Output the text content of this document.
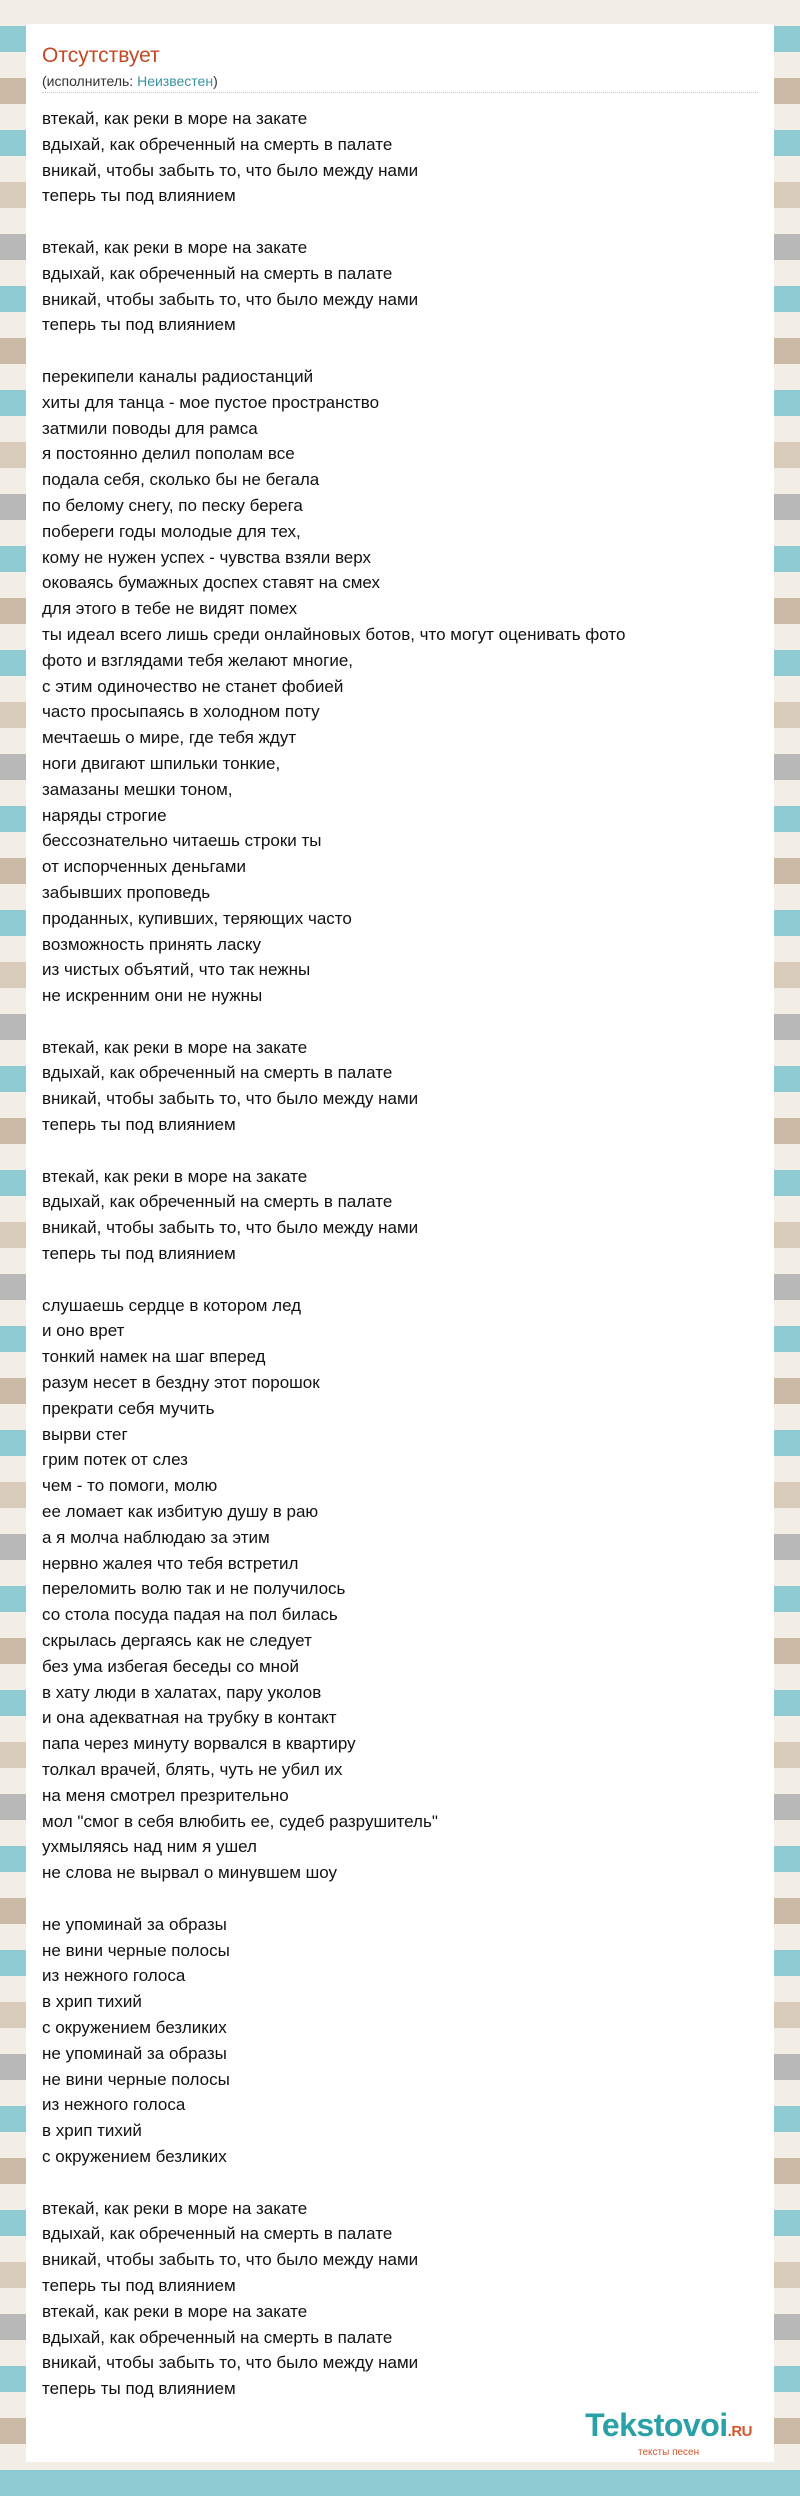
Отсутствует
(исполнитель: Неизвестен)
втекай, как реки в море на закате
вдыхай, как обреченный на смерть в палате
вникай, чтобы забыть то, что было между нами
теперь ты под влиянием
втекай, как реки в море на закате
вдыхай, как обреченный на смерть в палате
вникай, чтобы забыть то, что было между нами
теперь ты под влиянием
перекипели каналы радиостанций
хиты для танца - мое пустое пространство
затмили поводы для рамса
я постоянно делил пополам все
подала себя, сколько бы не бегала
по белому снегу, по песку берега
побереги годы молодые для тех,
кому не нужен успех - чувства взяли верх
оковаясь бумажных доспех ставят на смех
для этого в тебе не видят помех
ты идеал всего лишь среди онлайновых ботов, что могут оценивать фото
фото и взглядами тебя желают многие,
с этим одиночество не станет фобией
часто просыпаясь в холодном поту
мечтаешь о мире, где тебя ждут
ноги двигают шпильки тонкие,
замазаны мешки тоном,
наряды строгие
бессознательно читаешь строки ты
от испорченных деньгами
забывших проповедь
проданных, купивших, теряющих часто
возможность принять ласку
из чистых объятий, что так нежны
не искренним они не нужны
втекай, как реки в море на закате
вдыхай, как обреченный на смерть в палате
вникай, чтобы забыть то, что было между нами
теперь ты под влиянием
втекай, как реки в море на закате
вдыхай, как обреченный на смерть в палате
вникай, чтобы забыть то, что было между нами
теперь ты под влиянием
слушаешь сердце в котором лед
и оно врет
тонкий намек на шаг вперед
разум несет в бездну этот порошок
прекрати себя мучить
вырви стег
грим потек от слез
чем - то помоги, молю
ее ломает как избитую душу в раю
а я молча наблюдаю за этим
нервно жалея что тебя встретил
переломить волю так и не получилось
со стола посуда падая на пол билась
скрылась дергаясь как не следует
без ума избегая беседы со мной
в хату люди в халатах, пару уколов
и она адекватная на трубку в контакт
папа через минуту ворвался в квартиру
толкал врачей, блять, чуть не убил их
на меня смотрел презрительно
мол "смог в себя влюбить ее, судеб разрушитель"
ухмыляясь над ним я ушел
не слова не вырвал о минувшем шоу
не упоминай за образы
не вини черные полосы
из нежного голоса
в хрип тихий
с окружением безликих
не упоминай за образы
не вини черные полосы
из нежного голоса
в хрип тихий
с окружением безликих
втекай, как реки в море на закате
вдыхай, как обреченный на смерть в палате
вникай, чтобы забыть то, что было между нами
теперь ты под влиянием
втекай, как реки в море на закате
вдыхай, как обреченный на смерть в палате
вникай, чтобы забыть то, что было между нами
теперь ты под влиянием
Tekstovoi.RU
тексты песен
